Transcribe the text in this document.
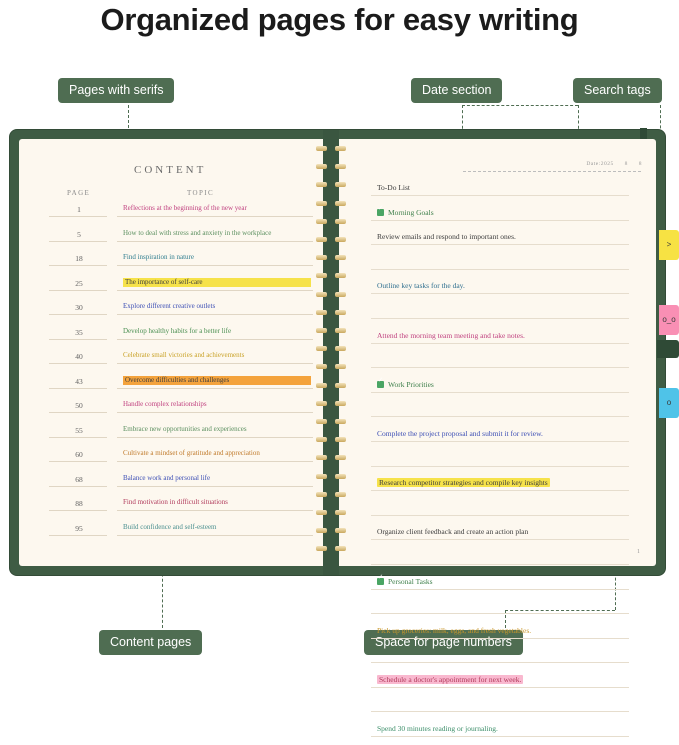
Organized pages for easy writing
Pages with serifs	Date section	Search tags
Content pages	Space for page numbers
CONTENT
PAGE	TOPIC
1	Reflections at the beginning of the new year
5	How to deal with stress and anxiety in the workplace
18	Find inspiration in nature
25	The importance of self-care
30	Explore different creative outlets
35	Develop healthy habits for a better life
40	Celebrate small victories and achievements
43	Overcome difficulties and challenges
50	Handle complex relationships
55	Embrace new opportunities and experiences
60	Cultivate a mindset of gratitude and appreciation
68	Balance work and personal life
88	Find motivation in difficult situations
95	Build confidence and self-esteem
Date:2025 8 8
To-Do List
✓Morning Goals
Review emails and respond to important ones.
Outline key tasks for the day.
Attend the morning team meeting and take notes.
✓Work Priorities
Complete the project proposal and submit it for review.
Research competitor strategies and compile key insights
Organize client feedback and create an action plan
✓Personal Tasks
Pick up groceries: milk, eggs, and fresh vegetables.
Schedule a doctor's appointment for next week.
Spend 30 minutes reading or journaling.
1
>
o_o
o
